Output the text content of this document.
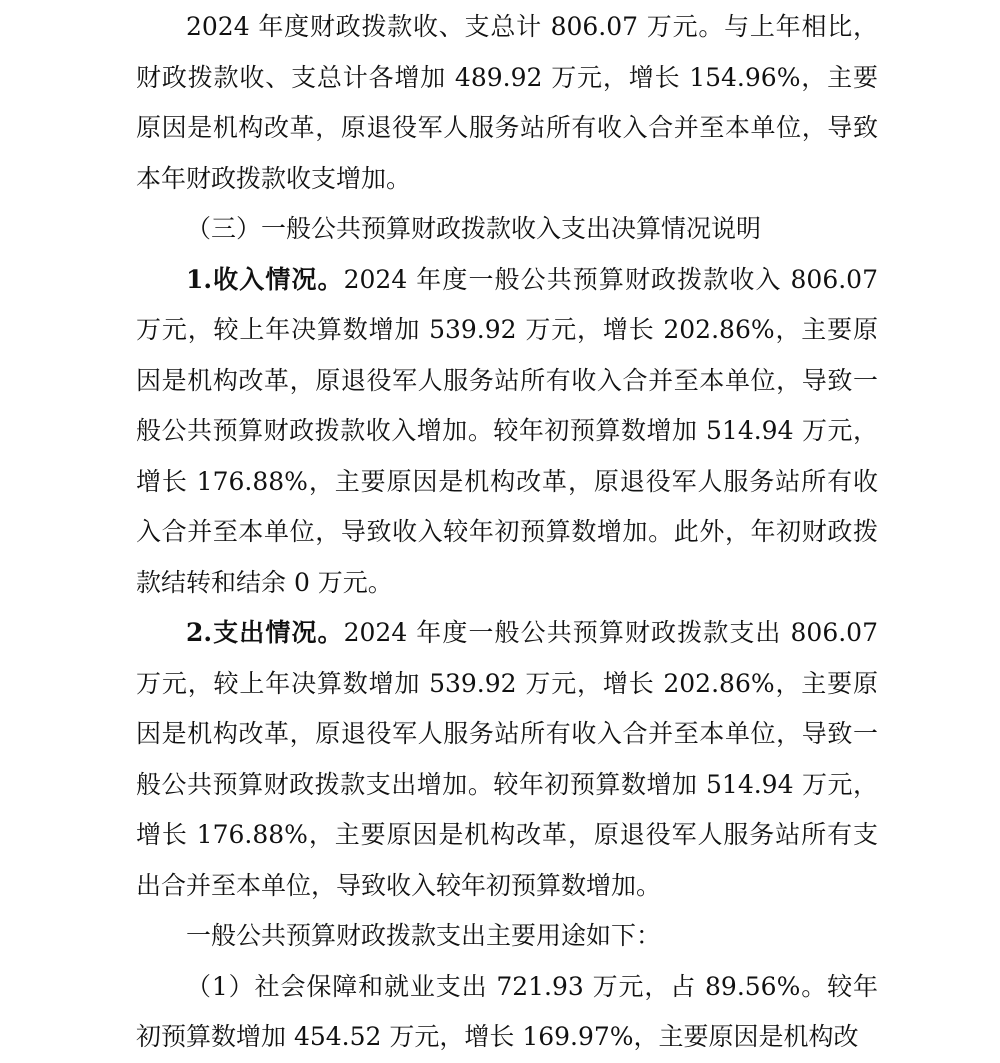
2024 年度财政拨款收、支总计 806.07 万元。与上年相比，财政拨款收、支总计各增加 489.92 万元，增长 154.96%，主要原因是机构改革，原退役军人服务站所有收入合并至本单位，导致本年财政拨款收支增加。

（三）一般公共预算财政拨款收入支出决算情况说明

1.收入情况。2024 年度一般公共预算财政拨款收入 806.07 万元，较上年决算数增加 539.92 万元，增长 202.86%，主要原因是机构改革，原退役军人服务站所有收入合并至本单位，导致一般公共预算财政拨款收入增加。较年初预算数增加 514.94 万元，增长 176.88%，主要原因是机构改革，原退役军人服务站所有收入合并至本单位，导致收入较年初预算数增加。此外，年初财政拨款结转和结余 0 万元。

2.支出情况。2024 年度一般公共预算财政拨款支出 806.07 万元，较上年决算数增加 539.92 万元，增长 202.86%，主要原因是机构改革，原退役军人服务站所有收入合并至本单位，导致一般公共预算财政拨款支出增加。较年初预算数增加 514.94 万元，增长 176.88%，主要原因是机构改革，原退役军人服务站所有支出合并至本单位，导致收入较年初预算数增加。

一般公共预算财政拨款支出主要用途如下：

（1）社会保障和就业支出 721.93 万元，占 89.56%。较年初预算数增加 454.52 万元，增长 169.97%，主要原因是机构改
